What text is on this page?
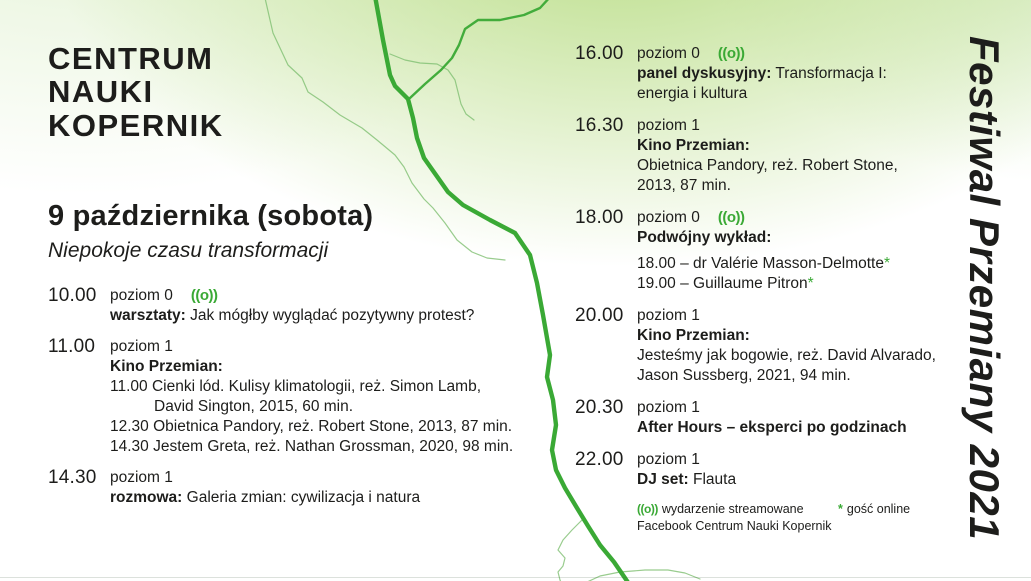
CENTRUM
NAUKI
KOPERNIK
9 października (sobota)
Niepokoje czasu transformacji
10.00 poziom 0 ((o))
warsztaty: Jak mógłby wyglądać pozytywny protest?
11.00 poziom 1
Kino Przemian:
11.00 Cienki lód. Kulisy klimatologii, reż. Simon Lamb,
David Sington, 2015, 60 min.
12.30 Obietnica Pandory, reż. Robert Stone, 2013, 87 min.
14.30 Jestem Greta, reż. Nathan Grossman, 2020, 98 min.
14.30 poziom 1
rozmowa: Galeria zmian: cywilizacja i natura
16.00 poziom 0 ((o))
panel dyskusyjny: Transformacja I:
energia i kultura
16.30 poziom 1
Kino Przemian:
Obietnica Pandory, reż. Robert Stone,
2013, 87 min.
18.00 poziom 0 ((o))
Podwójny wykład:
18.00 – dr Valérie Masson-Delmotte*
19.00 – Guillaume Pitron*
20.00 poziom 1
Kino Przemian:
Jesteśmy jak bogowie, reż. David Alvarado,
Jason Sussberg, 2021, 94 min.
20.30 poziom 1
After Hours – eksperci po godzinach
22.00 poziom 1
DJ set: Flauta
((o)) wydarzenie streamowane
Facebook Centrum Nauki Kopernik
* gość online Festiwal Przemiany 2021
